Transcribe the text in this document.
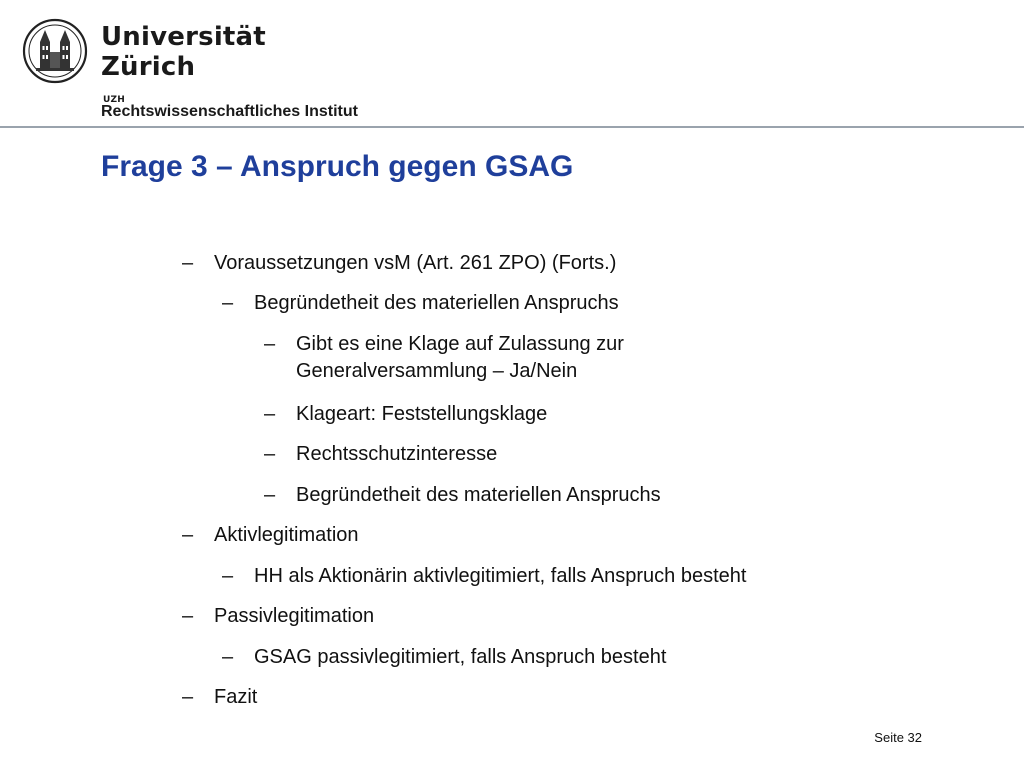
Universität
Zürich
UZH
Rechtswissenschaftliches Institut
Frage 3 – Anspruch gegen GSAG
– Voraussetzungen vsM (Art. 261 ZPO) (Forts.)
– Begründetheit des materiellen Anspruchs
– Gibt es eine Klage auf Zulassung zur
Generalversammlung – Ja/Nein
– Klageart: Feststellungsklage
– Rechtsschutzinteresse
– Begründetheit des materiellen Anspruchs
– Aktivlegitimation
– HH als Aktionärin aktivlegitimiert, falls Anspruch besteht
– Passivlegitimation
– GSAG passivlegitimiert, falls Anspruch besteht
– Fazit
Seite 32
